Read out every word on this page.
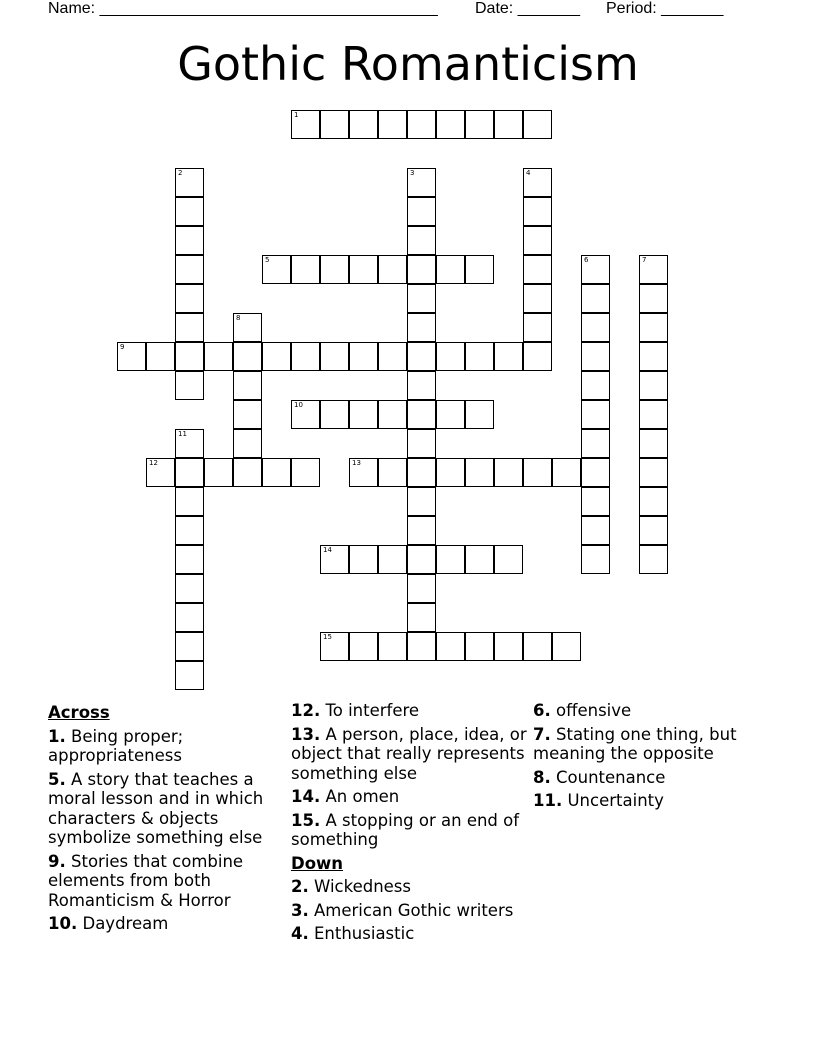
Name: ______________________________________ Date: _______ Period: _______
Gothic Romanticism
1
2	3	4
5	6	7
8
9
10
11
12	13
14
15
Across
1. Being proper; appropriateness
5. A story that teaches a moral lesson and in which characters & objects symbolize something else
9. Stories that combine elements from both Romanticism & Horror
10. Daydream
12. To interfere
13. A person, place, idea, or object that really represents something else
14. An omen
15. A stopping or an end of something
Down
2. Wickedness
3. American Gothic writers
4. Enthusiastic
6. offensive
7. Stating one thing, but meaning the opposite
8. Countenance
11. Uncertainty
